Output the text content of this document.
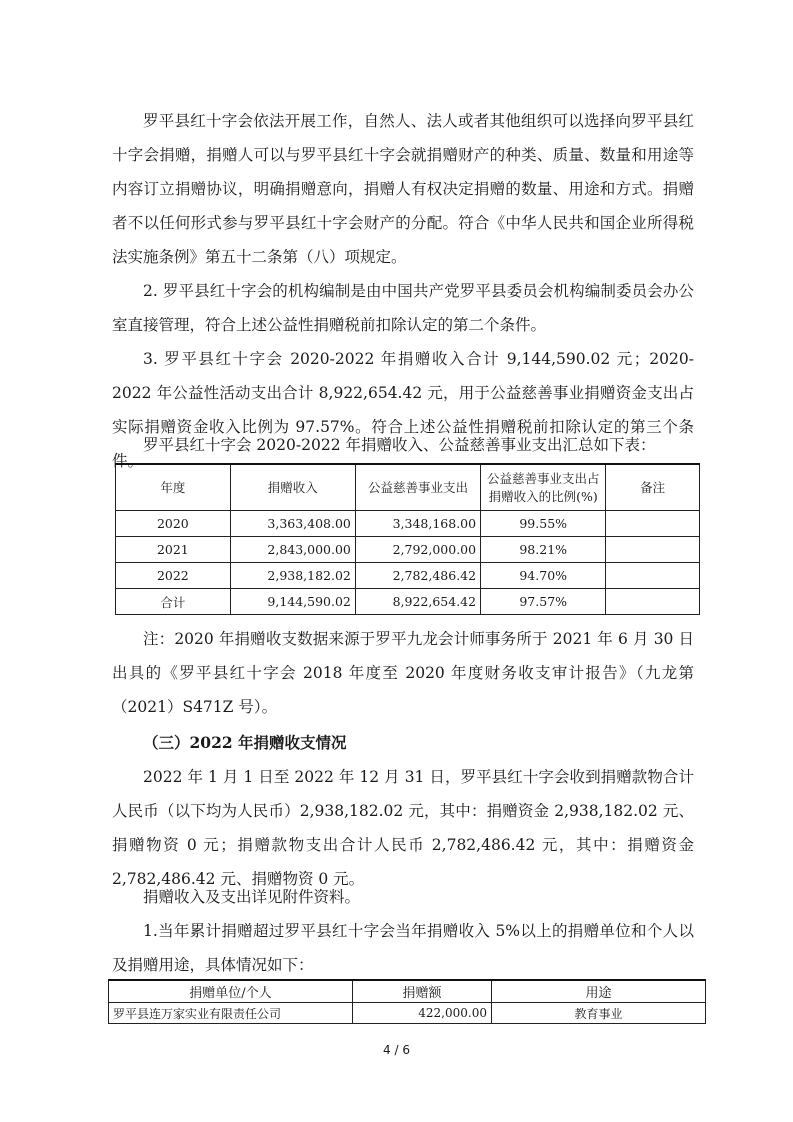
罗平县红十字会依法开展工作，自然人、法人或者其他组织可以选择向罗平县红十字会捐赠，捐赠人可以与罗平县红十字会就捐赠财产的种类、质量、数量和用途等内容订立捐赠协议，明确捐赠意向，捐赠人有权决定捐赠的数量、用途和方式。捐赠者不以任何形式参与罗平县红十字会财产的分配。符合《中华人民共和国企业所得税法实施条例》第五十二条第（八）项规定。

2. 罗平县红十字会的机构编制是由中国共产党罗平县委员会机构编制委员会办公室直接管理，符合上述公益性捐赠税前扣除认定的第二个条件。

3. 罗平县红十字会 2020-2022 年捐赠收入合计 9,144,590.02 元；2020-2022 年公益性活动支出合计 8,922,654.42 元，用于公益慈善事业捐赠资金支出占实际捐赠资金收入比例为 97.57%。符合上述公益性捐赠税前扣除认定的第三个条件。

罗平县红十字会 2020-2022 年捐赠收入、公益慈善事业支出汇总如下表：

年度	捐赠收入	公益慈善事业支出	公益慈善事业支出占捐赠收入的比例(%)	备注
2020	3,363,408.00	3,348,168.00	99.55%	
2021	2,843,000.00	2,792,000.00	98.21%	
2022	2,938,182.02	2,782,486.42	94.70%	
合计	9,144,590.02	8,922,654.42	97.57%	

注：2020 年捐赠收支数据来源于罗平九龙会计师事务所于 2021 年 6 月 30 日出具的《罗平县红十字会 2018 年度至 2020 年度财务收支审计报告》（九龙第（2021）S471Z 号）。

（三）2022 年捐赠收支情况

2022 年 1 月 1 日至 2022 年 12 月 31 日，罗平县红十字会收到捐赠款物合计人民币（以下均为人民币）2,938,182.02 元，其中：捐赠资金 2,938,182.02 元、捐赠物资 0 元；捐赠款物支出合计人民币 2,782,486.42 元，其中：捐赠资金 2,782,486.42 元、捐赠物资 0 元。

捐赠收入及支出详见附件资料。

1.当年累计捐赠超过罗平县红十字会当年捐赠收入 5%以上的捐赠单位和个人以及捐赠用途，具体情况如下：

捐赠单位/个人	捐赠额	用途
罗平县连万家实业有限责任公司	422,000.00	教育事业
4 / 6
